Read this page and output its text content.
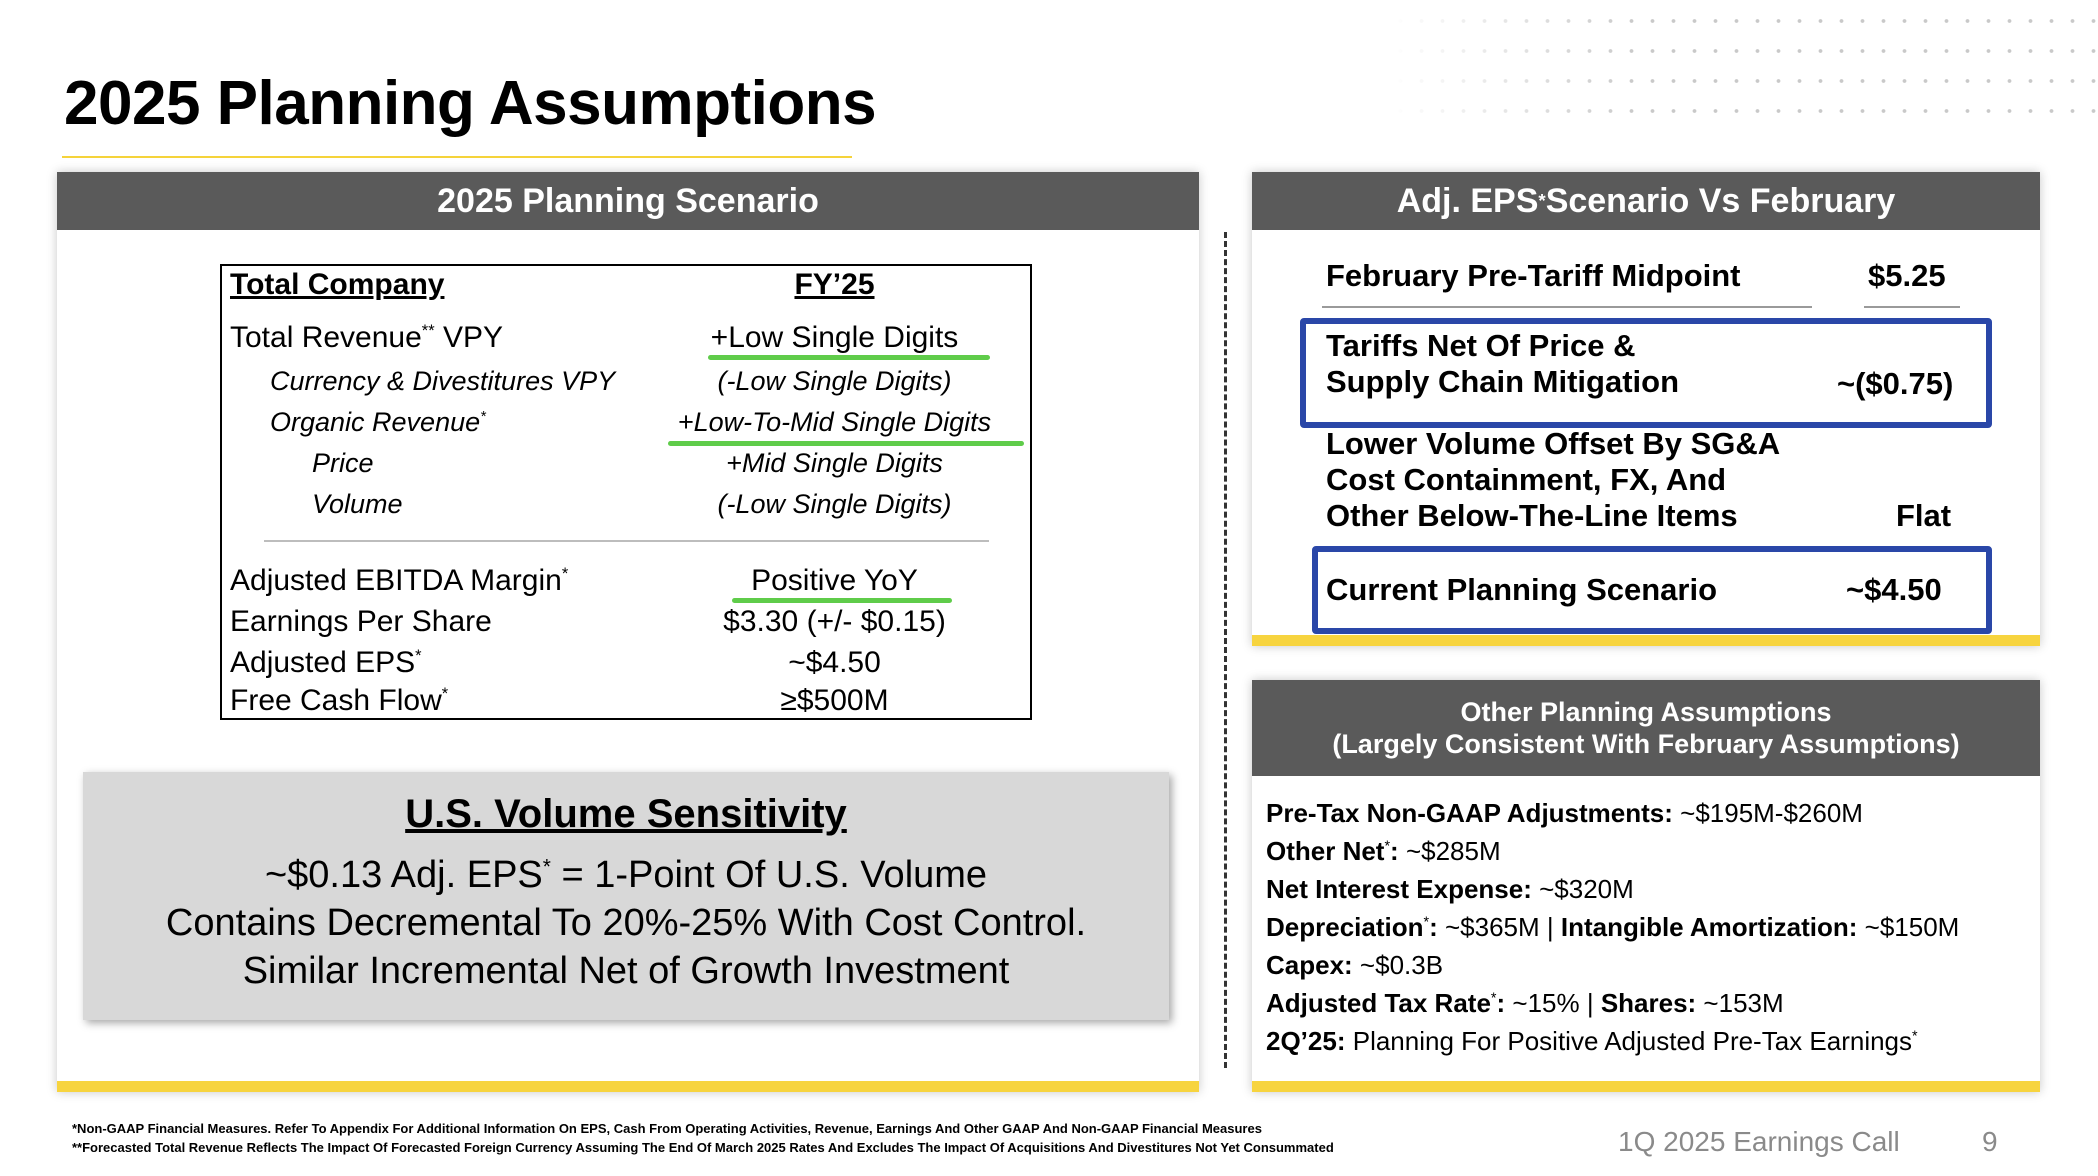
2025 Planning Assumptions
2025 Planning Scenario
Total Company	FY’25
Total Revenue** VPY	+Low Single Digits
Currency & Divestitures VPY	(-Low Single Digits)
Organic Revenue*	+Low-To-Mid Single Digits
Price	+Mid Single Digits
Volume	(-Low Single Digits)
Adjusted EBITDA Margin*	Positive YoY
Earnings Per Share	$3.30 (+/- $0.15)
Adjusted EPS*	~$4.50
Free Cash Flow*	≥$500M
U.S. Volume Sensitivity
~$0.13 Adj. EPS* = 1-Point Of U.S. Volume
Contains Decremental To 20%-25% With Cost Control.
Similar Incremental Net of Growth Investment
Adj. EPS * Scenario Vs February
February Pre-Tariff Midpoint	$5.25
Tariffs Net Of Price &
Supply Chain Mitigation	~($0.75)
Lower Volume Offset By SG&A
Cost Containment, FX, And
Other Below-The-Line Items	Flat
Current Planning Scenario	~$4.50
Other Planning Assumptions
(Largely Consistent With February Assumptions)
Pre-Tax Non-GAAP Adjustments: ~$195M-$260M
Other Net*: ~$285M
Net Interest Expense: ~$320M
Depreciation*: ~$365M | Intangible Amortization: ~$150M
Capex: ~$0.3B
Adjusted Tax Rate*: ~15% | Shares: ~153M
2Q’25: Planning For Positive Adjusted Pre-Tax Earnings*
*Non-GAAP Financial Measures. Refer To Appendix For Additional Information On EPS, Cash From Operating Activities, Revenue, Earnings And Other GAAP And Non-GAAP Financial Measures
**Forecasted Total Revenue Reflects The Impact Of Forecasted Foreign Currency Assuming The End Of March 2025 Rates And Excludes The Impact Of Acquisitions And Divestitures Not Yet Consummated	1Q 2025 Earnings Call	9
